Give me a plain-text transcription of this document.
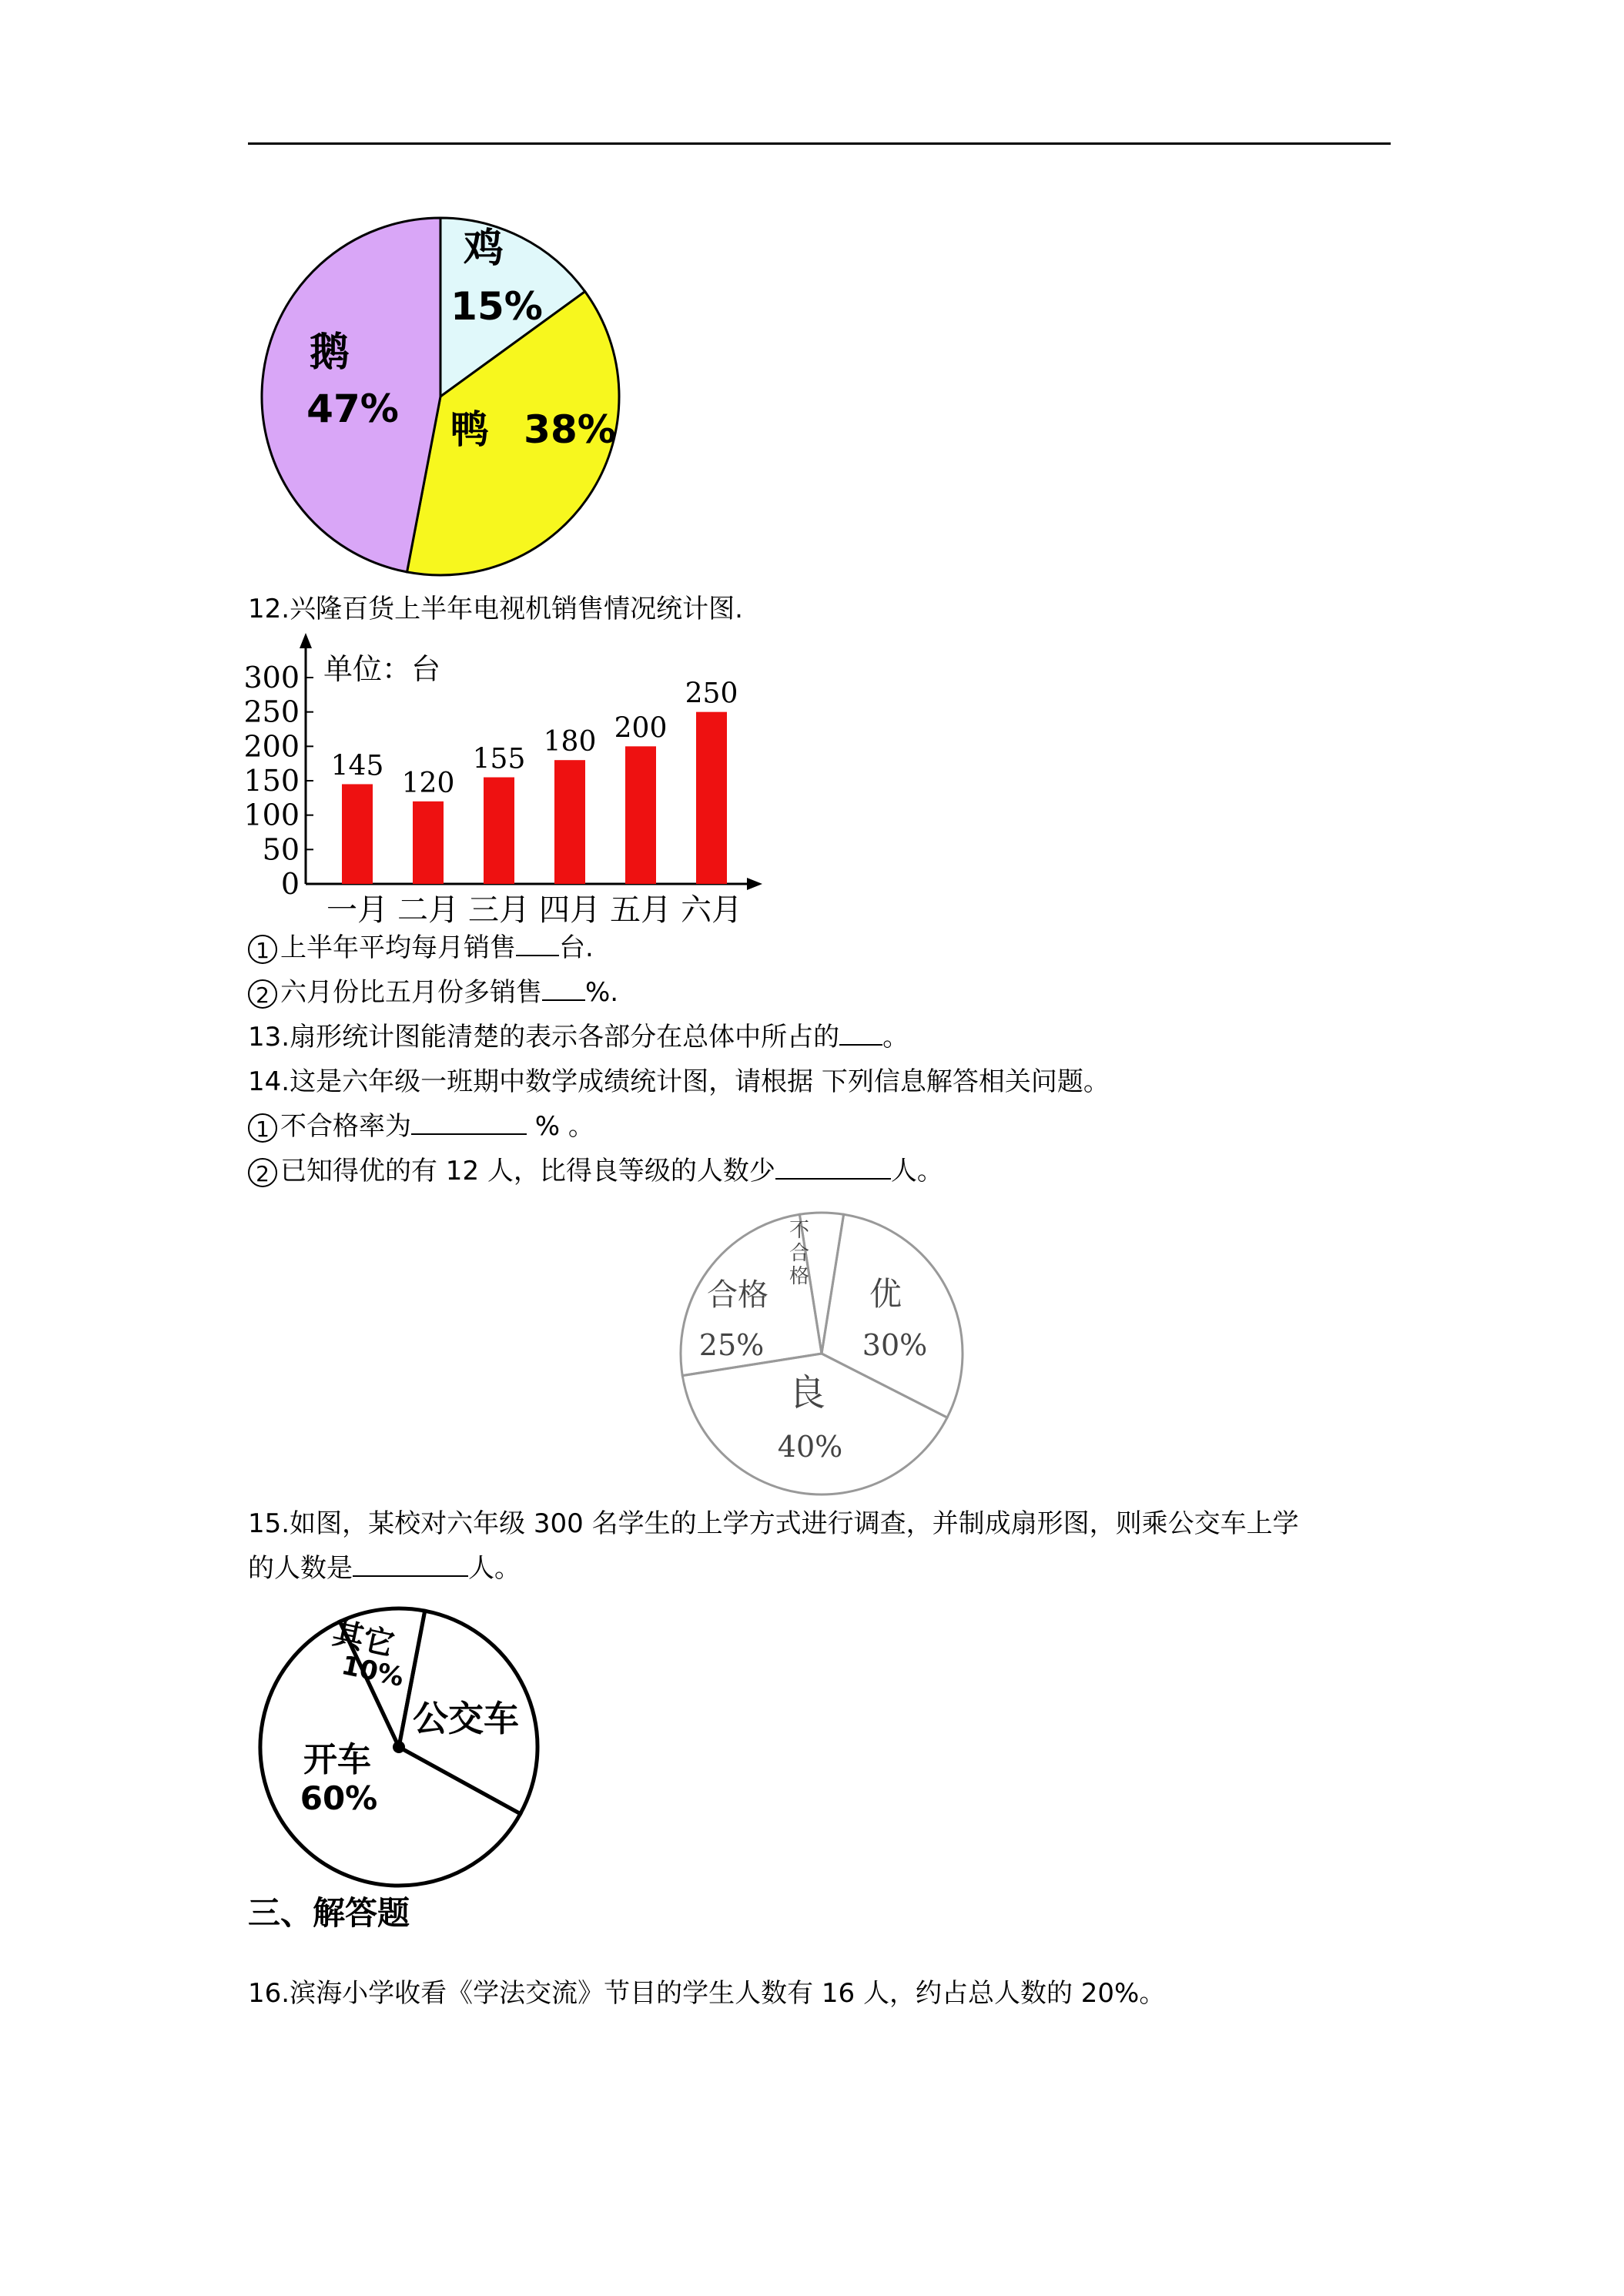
鸡
15%
鸭 38%
鹅
47%
单位：台
0
50
100
150
200
250
300
145
120
155
180 200
250
一月 二月 三月 四月 五月 六月
不
合
格 优
30%
良
40%
合格
25%
其它
10%
公交车
开车
60%
12.兴隆百货上半年电视机销售情况统计图.
1 上半年平均每月销售 台.
2 六月份比五月份多销售 %.
13.扇形统计图能清楚的表示各部分在总体中所占的 。
14.这是六年级一班期中数学成绩统计图，请根据 下列信息解答相关问题。
1 不合格率为	% 。
2 已知得优的有 12 人，比得良等级的人数少	人。
15.如图，某校对六年级 300 名学生的上学方式进行调查，并制成扇形图，则乘公交车上学
的人数是	人。
三、解答题
16.滨海小学收看《学法交流》节目的学生人数有 16 人，约占总人数的 20%。
